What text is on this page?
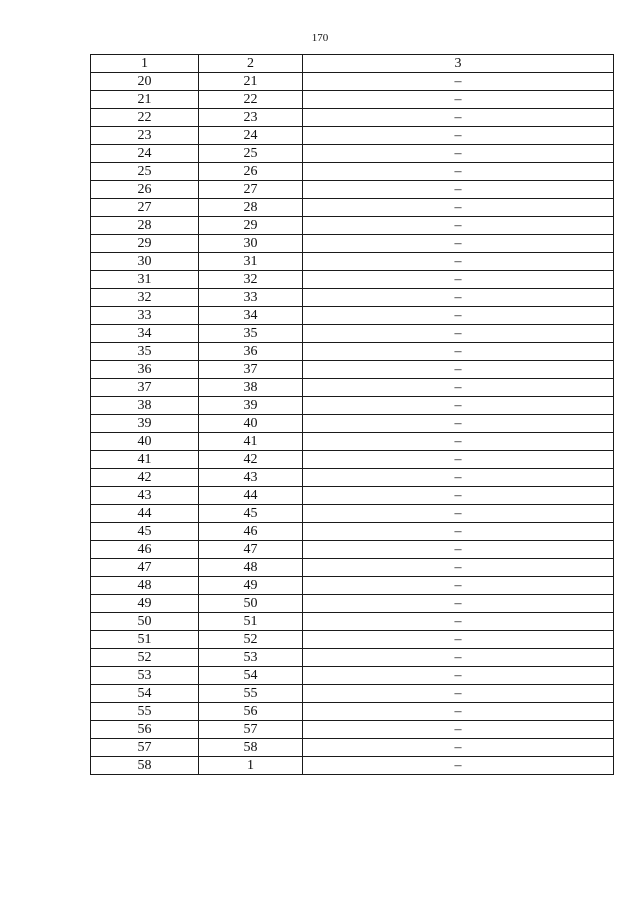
170
1	2	3
20	21	–
21	22	–
22	23	–
23	24	–
24	25	–
25	26	–
26	27	–
27	28	–
28	29	–
29	30	–
30	31	–
31	32	–
32	33	–
33	34	–
34	35	–
35	36	–
36	37	–
37	38	–
38	39	–
39	40	–
40	41	–
41	42	–
42	43	–
43	44	–
44	45	–
45	46	–
46	47	–
47	48	–
48	49	–
49	50	–
50	51	–
51	52	–
52	53	–
53	54	–
54	55	–
55	56	–
56	57	–
57	58	–
58	1	–
